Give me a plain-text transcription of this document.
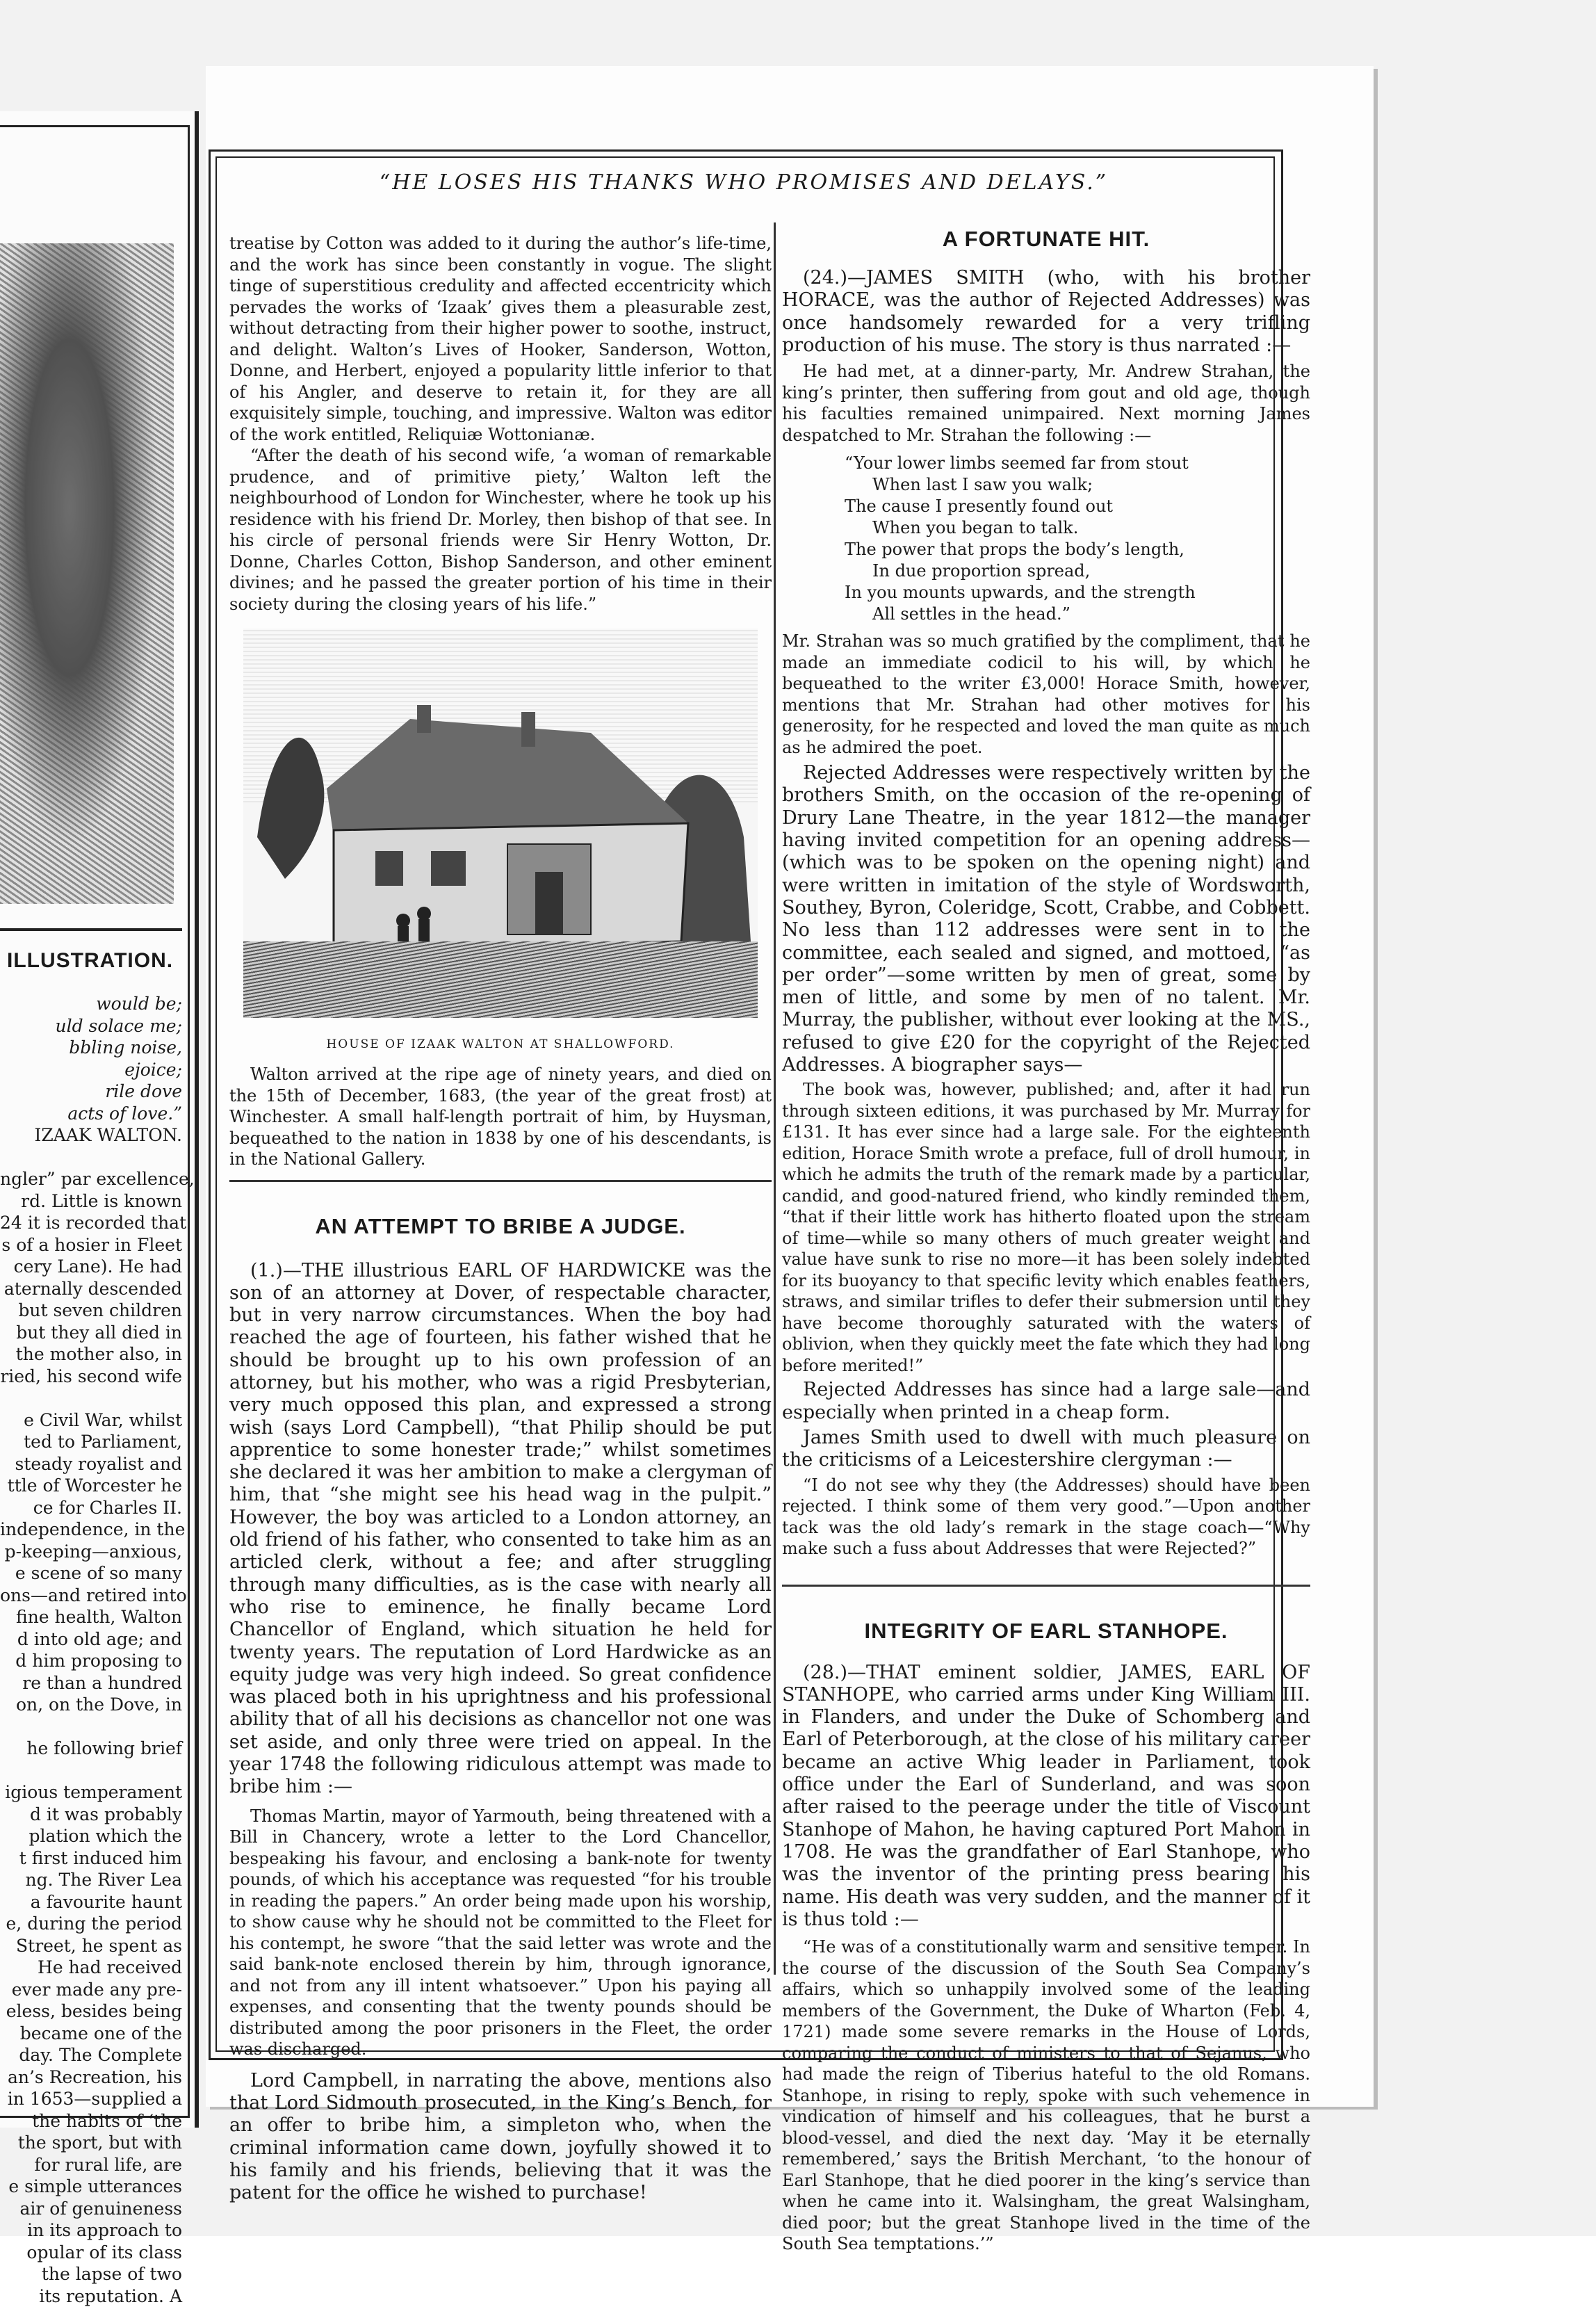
ILLUSTRATION.
would be;
uld solace me;
bbling noise,
ejoice;
rile dove
acts of love.”
IZAAK WALTON.

ngler” par excellence,
rd. Little is known
24 it is recorded that
s of a hosier in Fleet
cery Lane). He had
aternally descended
but seven children
but they all died in
the mother also, in
ried, his second wife

e Civil War, whilst
ted to Parliament,
steady royalist and
ttle of Worcester he
ce for Charles II.
independence, in the
p-keeping—anxious,
e scene of so many
ons—and retired into
fine health, Walton
d into old age; and
d him proposing to
re than a hundred
on, on the Dove, in

he following brief

igious temperament
d it was probably
plation which the
t first induced him
ng. The River Lea
a favourite haunt
e, during the period
Street, he spent as
He had received
ever made any pre-
eless, besides being
became one of the
day. The Complete
an’s Recreation, his
in 1653—supplied a
the habits of ‘the
the sport, but with
for rural life, are
e simple utterances
air of genuineness
in its approach to
opular of its class
the lapse of two
its reputation. A
“HE LOSES HIS THANKS WHO PROMISES AND DELAYS.”

treatise by Cotton was added to it during the author’s life-time, and the work has since been constantly in vogue. The slight tinge of superstitious credulity and affected eccentricity which pervades the works of ‘Izaak’ gives them a pleasurable zest, without detracting from their higher power to soothe, instruct, and delight. Walton’s Lives of Hooker, Sanderson, Wotton, Donne, and Herbert, enjoyed a popularity little inferior to that of his Angler, and deserve to retain it, for they are all exquisitely simple, touching, and impressive. Walton was editor of the work entitled, Reliquiæ Wottonianæ.

“After the death of his second wife, ‘a woman of remarkable prudence, and of primitive piety,’ Walton left the neighbourhood of London for Winchester, where he took up his residence with his friend Dr. Morley, then bishop of that see. In his circle of personal friends were Sir Henry Wotton, Dr. Donne, Charles Cotton, Bishop Sanderson, and other eminent divines; and he passed the greater portion of his time in their society during the closing years of his life.”

HOUSE OF IZAAK WALTON AT SHALLOWFORD.

Walton arrived at the ripe age of ninety years, and died on the 15th of December, 1683, (the year of the great frost) at Winchester. A small half-length portrait of him, by Huysman, bequeathed to the nation in 1838 by one of his descendants, is in the National Gallery.

AN ATTEMPT TO BRIBE A JUDGE.

(1.)—THE illustrious EARL OF HARDWICKE was the son of an attorney at Dover, of respectable character, but in very narrow circumstances. When the boy had reached the age of fourteen, his father wished that he should be brought up to his own profession of an attorney, but his mother, who was a rigid Presbyterian, very much opposed this plan, and expressed a strong wish (says Lord Campbell), “that Philip should be put apprentice to some honester trade;” whilst sometimes she declared it was her ambition to make a clergyman of him, that “she might see his head wag in the pulpit.” However, the boy was articled to a London attorney, an old friend of his father, who consented to take him as an articled clerk, without a fee; and after struggling through many difficulties, as is the case with nearly all who rise to eminence, he finally became Lord Chancellor of England, which situation he held for twenty years. The reputation of Lord Hardwicke as an equity judge was very high indeed. So great confidence was placed both in his uprightness and his professional ability that of all his decisions as chancellor not one was set aside, and only three were tried on appeal. In the year 1748 the following ridiculous attempt was made to bribe him :—

Thomas Martin, mayor of Yarmouth, being threatened with a Bill in Chancery, wrote a letter to the Lord Chancellor, bespeaking his favour, and enclosing a bank-note for twenty pounds, of which his acceptance was requested “for his trouble in reading the papers.” An order being made upon his worship, to show cause why he should not be committed to the Fleet for his contempt, he swore “that the said letter was wrote and the said bank-note enclosed therein by him, through ignorance, and not from any ill intent whatsoever.” Upon his paying all expenses, and consenting that the twenty pounds should be distributed among the poor prisoners in the Fleet, the order was discharged.

Lord Campbell, in narrating the above, mentions also that Lord Sidmouth prosecuted, in the King’s Bench, for an offer to bribe him, a simpleton who, when the criminal information came down, joyfully showed it to his family and his friends, believing that it was the patent for the office he wished to purchase!

A FORTUNATE HIT.

(24.)—JAMES SMITH (who, with his brother HORACE, was the author of Rejected Addresses) was once handsomely rewarded for a very trifling production of his muse. The story is thus narrated :—

He had met, at a dinner-party, Mr. Andrew Strahan, the king’s printer, then suffering from gout and old age, though his faculties remained unimpaired. Next morning James despatched to Mr. Strahan the following :—

“Your lower limbs seemed far from stout
When last I saw you walk;
The cause I presently found out
When you began to talk.
The power that props the body’s length,
In due proportion spread,
In you mounts upwards, and the strength
All settles in the head.”

Mr. Strahan was so much gratified by the compliment, that he made an immediate codicil to his will, by which he bequeathed to the writer £3,000! Horace Smith, however, mentions that Mr. Strahan had other motives for his generosity, for he respected and loved the man quite as much as he admired the poet.

Rejected Addresses were respectively written by the brothers Smith, on the occasion of the re-opening of Drury Lane Theatre, in the year 1812—the manager having invited competition for an opening address—(which was to be spoken on the opening night) and were written in imitation of the style of Wordsworth, Southey, Byron, Coleridge, Scott, Crabbe, and Cobbett. No less than 112 addresses were sent in to the committee, each sealed and signed, and mottoed, “as per order”—some written by men of great, some by men of little, and some by men of no talent. Mr. Murray, the publisher, without ever looking at the MS., refused to give £20 for the copyright of the Rejected Addresses. A biographer says—

The book was, however, published; and, after it had run through sixteen editions, it was purchased by Mr. Murray for £131. It has ever since had a large sale. For the eighteenth edition, Horace Smith wrote a preface, full of droll humour, in which he admits the truth of the remark made by a particular, candid, and good-natured friend, who kindly reminded them, “that if their little work has hitherto floated upon the stream of time—while so many others of much greater weight and value have sunk to rise no more—it has been solely indebted for its buoyancy to that specific levity which enables feathers, straws, and similar trifles to defer their submersion until they have become thoroughly saturated with the waters of oblivion, when they quickly meet the fate which they had long before merited!”

Rejected Addresses has since had a large sale—and especially when printed in a cheap form.

James Smith used to dwell with much pleasure on the criticisms of a Leicestershire clergyman :—

“I do not see why they (the Addresses) should have been rejected. I think some of them very good.”—Upon another tack was the old lady’s remark in the stage coach—“Why make such a fuss about Addresses that were Rejected?”

INTEGRITY OF EARL STANHOPE.

(28.)—THAT eminent soldier, JAMES, EARL OF STANHOPE, who carried arms under King William III. in Flanders, and under the Duke of Schomberg and Earl of Peterborough, at the close of his military career became an active Whig leader in Parliament, took office under the Earl of Sunderland, and was soon after raised to the peerage under the title of Viscount Stanhope of Mahon, he having captured Port Mahon in 1708. He was the grandfather of Earl Stanhope, who was the inventor of the printing press bearing his name. His death was very sudden, and the manner of it is thus told :—

“He was of a constitutionally warm and sensitive temper. In the course of the discussion of the South Sea Company’s affairs, which so unhappily involved some of the leading members of the Government, the Duke of Wharton (Feb. 4, 1721) made some severe remarks in the House of Lords, comparing the conduct of ministers to that of Sejanus, who had made the reign of Tiberius hateful to the old Romans. Stanhope, in rising to reply, spoke with such vehemence in vindication of himself and his colleagues, that he burst a blood-vessel, and died the next day. ‘May it be eternally remembered,’ says the British Merchant, ‘to the honour of Earl Stanhope, that he died poorer in the king’s service than when he came into it. Walsingham, the great Walsingham, died poor; but the great Stanhope lived in the time of the South Sea temptations.’”
